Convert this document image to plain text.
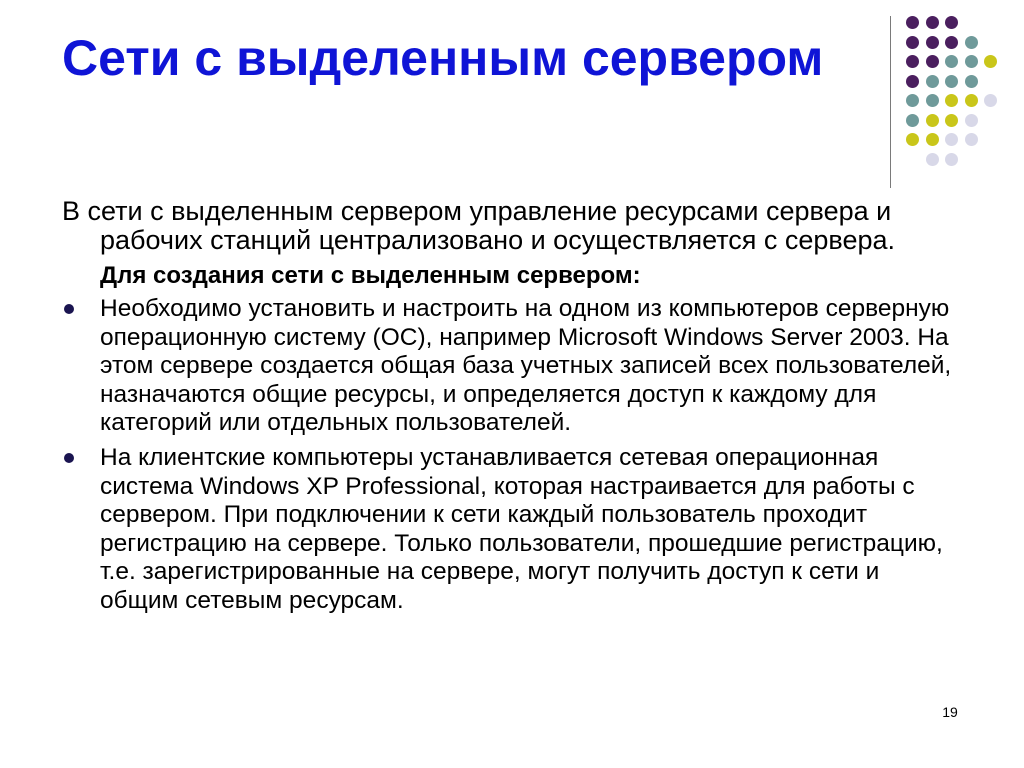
Сети с выделенным сервером

В сети с выделенным сервером управление ресурсами сервера и рабочих станций централизовано и осуществляется с сервера.

Для создания сети с выделенным сервером:

Необходимо установить и настроить на одном из компьютеров серверную операционную систему (ОС), например Microsoft Windows Server 2003. На этом сервере создается общая база учетных записей всех пользователей, назначаются общие ресурсы, и определяется доступ к каждому для категорий или отдельных пользователей.
На клиентские компьютеры устанавливается сетевая операционная система Windows XP Professional, которая настраивается для работы с сервером. При подключении к сети каждый пользователь проходит регистрацию на сервере. Только пользователи, прошедшие регистрацию, т.е. зарегистрированные на сервере, могут получить доступ к сети и общим сетевым ресурсам.
19
